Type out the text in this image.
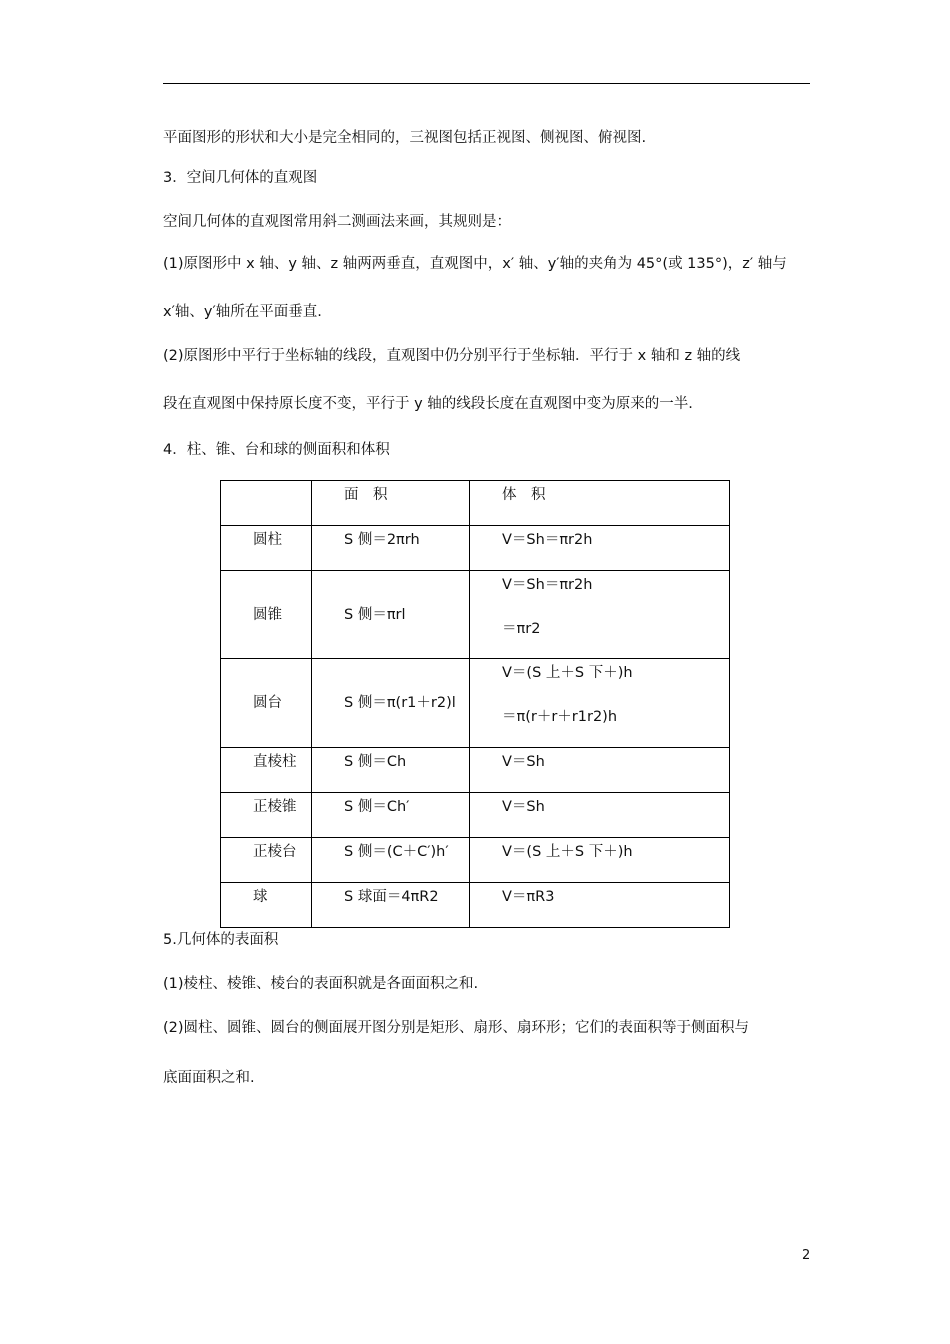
平面图形的形状和大小是完全相同的，三视图包括正视图、侧视图、俯视图.
3．空间几何体的直观图
空间几何体的直观图常用斜二测画法来画，其规则是：
(1)原图形中 x 轴、y 轴、z 轴两两垂直，直观图中，x′ 轴、y′轴的夹角为 45°(或 135°)，z′ 轴与
x′轴、y′轴所在平面垂直.
(2)原图形中平行于坐标轴的线段，直观图中仍分别平行于坐标轴．平行于 x 轴和 z 轴的线
段在直观图中保持原长度不变，平行于 y 轴的线段长度在直观图中变为原来的一半.
4．柱、锥、台和球的侧面积和体积

	面　积	体　积

圆柱	S 侧＝2πrh	V＝Sh＝πr2h

圆锥	S 侧＝πrl	V＝Sh＝πr2h
＝πr2

圆台	S 侧＝π(r1＋r2)l	V＝(S 上＋S 下＋)h
＝π(r＋r＋r1r2)h

直棱柱	S 侧＝Ch	V＝Sh

正棱锥	S 侧＝Ch′	V＝Sh

正棱台	S 侧＝(C＋C′)h′	V＝(S 上＋S 下＋)h

球	S 球面＝4πR2	V＝πR3
5.几何体的表面积
(1)棱柱、棱锥、棱台的表面积就是各面面积之和.
(2)圆柱、圆锥、圆台的侧面展开图分别是矩形、扇形、扇环形；它们的表面积等于侧面积与
底面面积之和.
2
